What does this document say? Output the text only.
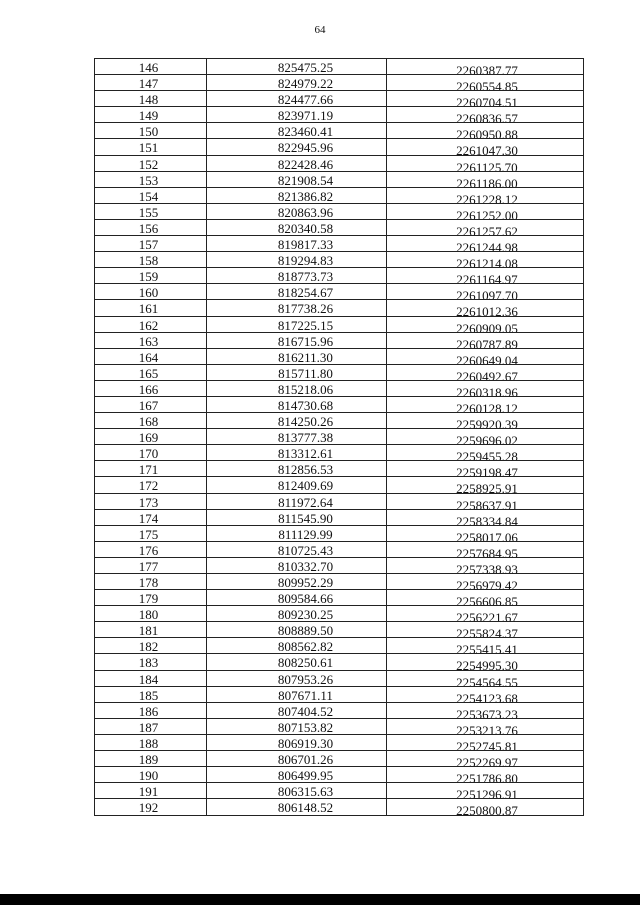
64
146	825475.25	2260387.77
147	824979.22	2260554.85
148	824477.66	2260704.51
149	823971.19	2260836.57
150	823460.41	2260950.88
151	822945.96	2261047.30
152	822428.46	2261125.70
153	821908.54	2261186.00
154	821386.82	2261228.12
155	820863.96	2261252.00
156	820340.58	2261257.62
157	819817.33	2261244.98
158	819294.83	2261214.08
159	818773.73	2261164.97
160	818254.67	2261097.70
161	817738.26	2261012.36
162	817225.15	2260909.05
163	816715.96	2260787.89
164	816211.30	2260649.04
165	815711.80	2260492.67
166	815218.06	2260318.96
167	814730.68	2260128.12
168	814250.26	2259920.39
169	813777.38	2259696.02
170	813312.61	2259455.28
171	812856.53	2259198.47
172	812409.69	2258925.91
173	811972.64	2258637.91
174	811545.90	2258334.84
175	811129.99	2258017.06
176	810725.43	2257684.95
177	810332.70	2257338.93
178	809952.29	2256979.42
179	809584.66	2256606.85
180	809230.25	2256221.67
181	808889.50	2255824.37
182	808562.82	2255415.41
183	808250.61	2254995.30
184	807953.26	2254564.55
185	807671.11	2254123.68
186	807404.52	2253673.23
187	807153.82	2253213.76
188	806919.30	2252745.81
189	806701.26	2252269.97
190	806499.95	2251786.80
191	806315.63	2251296.91
192	806148.52	2250800.87
